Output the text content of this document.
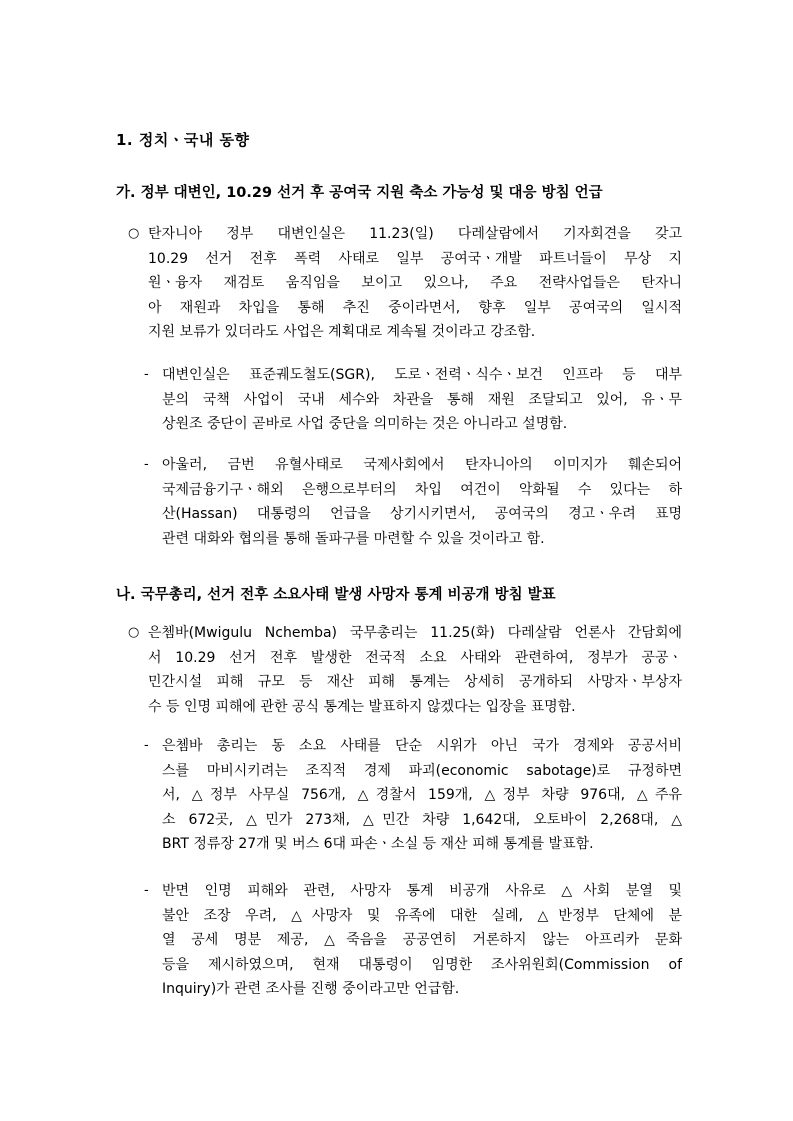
1. 정치ㆍ국내 동향
가. 정부 대변인, 10.29 선거 후 공여국 지원 축소 가능성 및 대응 방침 언급
○ 탄자니아 정부 대변인실은 11.23(일) 다레살람에서 기자회견을 갖고
10.29 선거 전후 폭력 사태로 일부 공여국ㆍ개발 파트너들이 무상 지
원ㆍ융자 재검토 움직임을 보이고 있으나, 주요 전략사업들은 탄자니
아 재원과 차입을 통해 추진 중이라면서, 향후 일부 공여국의 일시적
지원 보류가 있더라도 사업은 계획대로 계속될 것이라고 강조함.

- 대변인실은 표준궤도철도(SGR), 도로ㆍ전력ㆍ식수ㆍ보건 인프라 등 대부
분의 국책 사업이 국내 세수와 차관을 통해 재원 조달되고 있어, 유ㆍ무
상원조 중단이 곧바로 사업 중단을 의미하는 것은 아니라고 설명함.

- 아울러, 금번 유혈사태로 국제사회에서 탄자니아의 이미지가 훼손되어
국제금융기구ㆍ해외 은행으로부터의 차입 여건이 악화될 수 있다는 하
산(Hassan) 대통령의 언급을 상기시키면서, 공여국의 경고ㆍ우려 표명
관련 대화와 협의를 통해 돌파구를 마련할 수 있을 것이라고 함.

나. 국무총리, 선거 전후 소요사태 발생 사망자 통계 비공개 방침 발표
○ 은쳄바(Mwigulu Nchemba) 국무총리는 11.25(화) 다레살람 언론사 간담회에
서 10.29 선거 전후 발생한 전국적 소요 사태와 관련하여, 정부가 공공ㆍ
민간시설 피해 규모 등 재산 피해 통계는 상세히 공개하되 사망자ㆍ부상자
수 등 인명 피해에 관한 공식 통계는 발표하지 않겠다는 입장을 표명함.

- 은쳄바 총리는 동 소요 사태를 단순 시위가 아닌 국가 경제와 공공서비
스를 마비시키려는 조직적 경제 파괴(economic sabotage)로 규정하면
서, △정부 사무실 756개, △경찰서 159개, △정부 차량 976대, △주유
소 672곳, △민가 273채, △민간 차량 1,642대, 오토바이 2,268대, △
BRT 정류장 27개 및 버스 6대 파손ㆍ소실 등 재산 피해 통계를 발표함.

- 반면 인명 피해와 관련, 사망자 통계 비공개 사유로 △사회 분열 및
불안 조장 우려, △사망자 및 유족에 대한 실례, △반정부 단체에 분
열 공세 명분 제공, △죽음을 공공연히 거론하지 않는 아프리카 문화
등을 제시하였으며, 현재 대통령이 임명한 조사위원회(Commission of
Inquiry)가 관련 조사를 진행 중이라고만 언급함.
